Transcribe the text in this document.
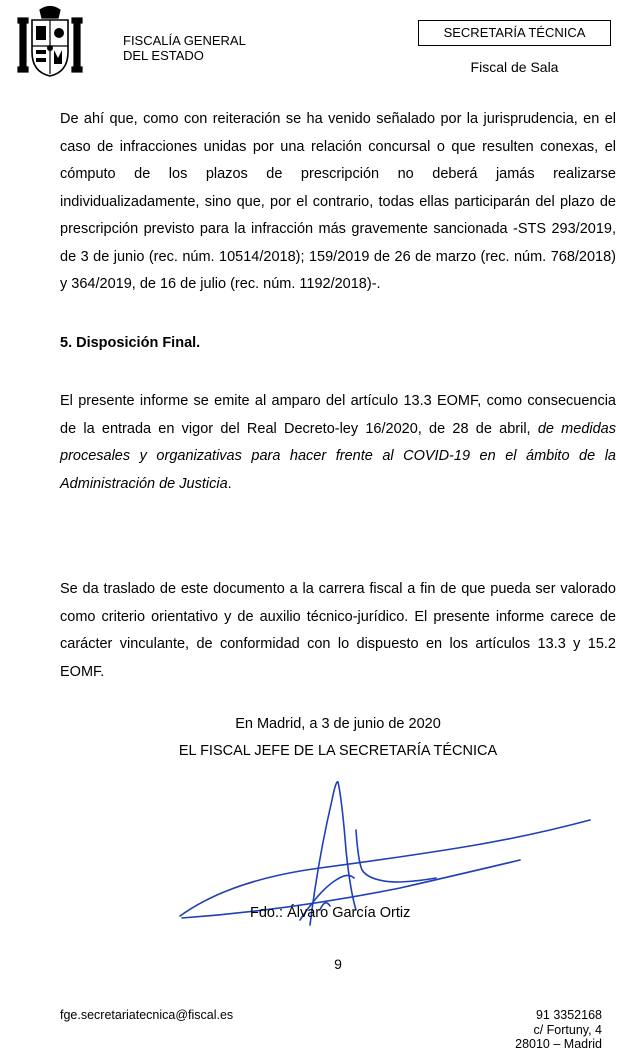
FISCALÍA GENERAL
DEL ESTADO
SECRETARÍA TÉCNICA
Fiscal de Sala
De ahí que, como con reiteración se ha venido señalado por la jurisprudencia, en el caso de infracciones unidas por una relación concursal o que resulten conexas, el cómputo de los plazos de prescripción no deberá jamás realizarse individualizadamente, sino que, por el contrario, todas ellas participarán del plazo de prescripción previsto para la infracción más gravemente sancionada -STS 293/2019, de 3 de junio (rec. núm. 10514/2018); 159/2019 de 26 de marzo (rec. núm. 768/2018) y 364/2019, de 16 de julio (rec. núm. 1192/2018)-.
5. Disposición Final.
El presente informe se emite al amparo del artículo 13.3 EOMF, como consecuencia de la entrada en vigor del Real Decreto-ley 16/2020, de 28 de abril, de medidas procesales y organizativas para hacer frente al COVID-19 en el ámbito de la Administración de Justicia.
Se da traslado de este documento a la carrera fiscal a fin de que pueda ser valorado como criterio orientativo y de auxilio técnico-jurídico. El presente informe carece de carácter vinculante, de conformidad con lo dispuesto en los artículos 13.3 y 15.2 EOMF.
En Madrid, a 3 de junio de 2020
EL FISCAL JEFE DE LA SECRETARÍA TÉCNICA
Fdo.: Álvaro García Ortiz
9
fge.secretariatecnica@fiscal.es	91 3352168
c/ Fortuny, 4
28010 – Madrid
